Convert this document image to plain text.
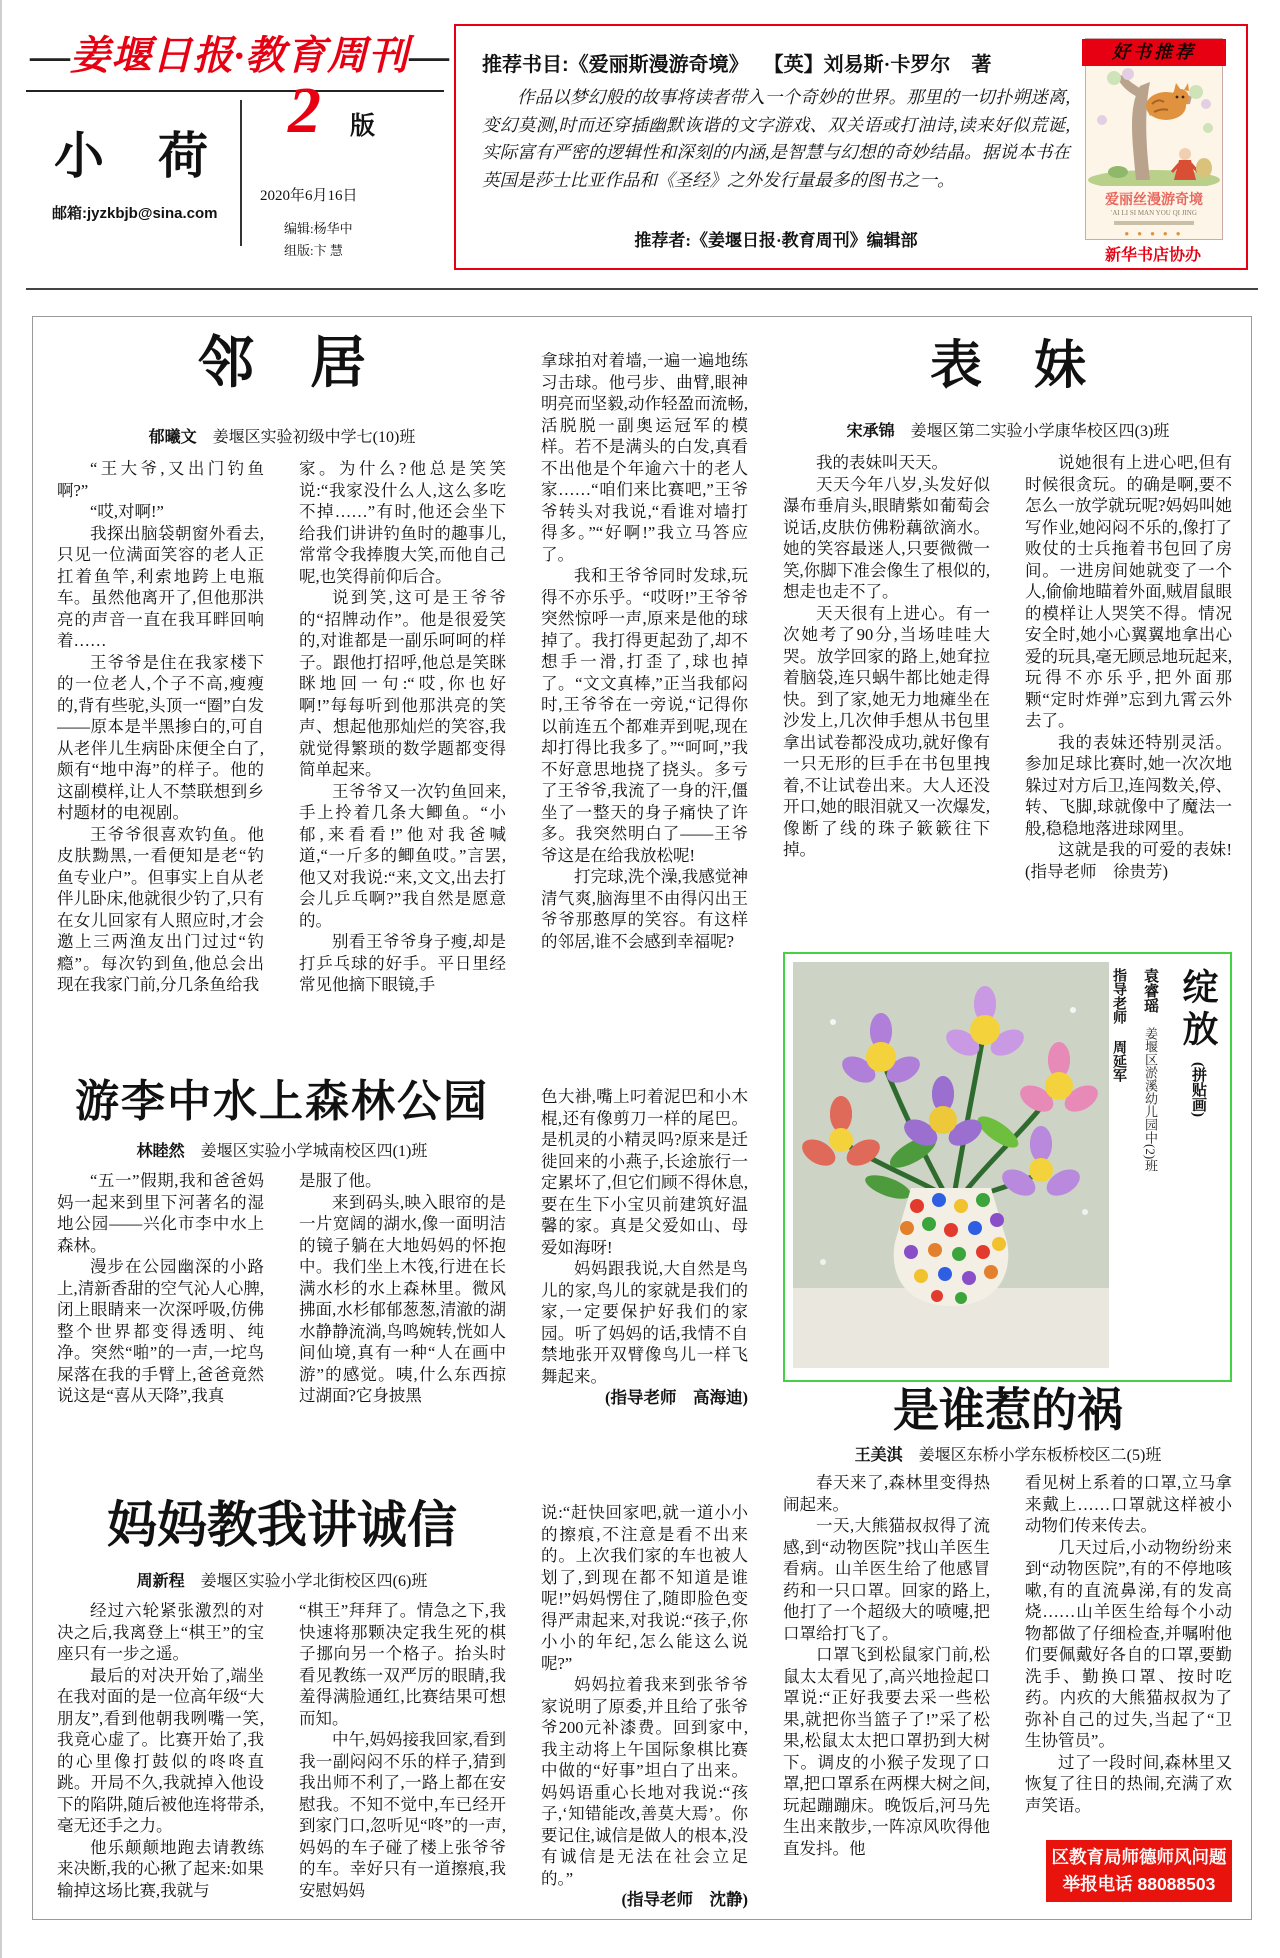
—姜堰日报·教育周刊—
小　荷
邮箱:jyzkbjb@sina.com
2 版
2020年6月16日
编辑:杨华中
组版:卞 慧
推荐书目:《爱丽斯漫游奇境》 【英】刘易斯·卡罗尔 著
作品以梦幻般的故事将读者带入一个奇妙的世界。那里的一切扑朔迷离,变幻莫测,时而还穿插幽默诙谐的文字游戏、双关语或打油诗,读来好似荒诞,实际富有严密的逻辑性和深刻的内涵,是智慧与幻想的奇妙结晶。据说本书在英国是莎士比亚作品和《圣经》之外发行量最多的图书之一。
推荐者:《姜堰日报·教育周刊》编辑部
好书推荐
爱丽丝漫游奇境
'AI LI SI MAN YOU QI JING
● ● ● ● ●
新华书店协办
邻　居
郁曦文 姜堰区实验初级中学七(10)班

“王大爷,又出门钓鱼啊?”

“哎,对啊!”

我探出脑袋朝窗外看去,只见一位满面笑容的老人正扛着鱼竿,利索地跨上电瓶车。虽然他离开了,但他那洪亮的声音一直在我耳畔回响着……

王爷爷是住在我家楼下的一位老人,个子不高,瘦瘦的,背有些驼,头顶一“圈”白发——原本是半黑掺白的,可自从老伴儿生病卧床便全白了,颇有“地中海”的样子。他的这副模样,让人不禁联想到乡村题材的电视剧。

王爷爷很喜欢钓鱼。他皮肤黝黑,一看便知是老“钓鱼专业户”。但事实上自从老伴儿卧床,他就很少钓了,只有在女儿回家有人照应时,才会邀上三两渔友出门过过“钓瘾”。每次钓到鱼,他总会出现在我家门前,分几条鱼给我

家。为什么?他总是笑笑说:“我家没什么人,这么多吃不掉……”有时,他还会坐下给我们讲讲钓鱼时的趣事儿,常常令我捧腹大笑,而他自己呢,也笑得前仰后合。

说到笑,这可是王爷爷的“招牌动作”。他是很爱笑的,对谁都是一副乐呵呵的样子。跟他打招呼,他总是笑眯眯地回一句:“哎,你也好啊!”每每听到他那洪亮的笑声、想起他那灿烂的笑容,我就觉得繁琐的数学题都变得简单起来。

王爷爷又一次钓鱼回来,手上拎着几条大鲫鱼。“小郁,来看看!”他对我爸喊道,“一斤多的鲫鱼哎。”言罢,他又对我说:“来,文文,出去打会儿乒乓啊?”我自然是愿意的。

别看王爷爷身子瘦,却是打乒乓球的好手。平日里经常见他摘下眼镜,手

拿球拍对着墙,一遍一遍地练习击球。他弓步、曲臂,眼神明亮而坚毅,动作轻盈而流畅,活脱脱一副奥运冠军的模样。若不是满头的白发,真看不出他是个年逾六十的老人家……“咱们来比赛吧,”王爷爷转头对我说,“看谁对墙打得多。”“好啊!”我立马答应了。

我和王爷爷同时发球,玩得不亦乐乎。“哎呀!”王爷爷突然惊呼一声,原来是他的球掉了。我打得更起劲了,却不想手一滑,打歪了,球也掉了。“文文真棒,”正当我郁闷时,王爷爷在一旁说,“记得你以前连五个都难弄到呢,现在却打得比我多了。”“呵呵,”我不好意思地挠了挠头。多亏了王爷爷,我流了一身的汗,僵坐了一整天的身子痛快了许多。我突然明白了——王爷爷这是在给我放松呢!

打完球,洗个澡,我感觉神清气爽,脑海里不由得闪出王爷爷那憨厚的笑容。有这样的邻居,谁不会感到幸福呢?

表　妹
宋承锦 姜堰区第二实验小学康华校区四(3)班

我的表妹叫天天。

天天今年八岁,头发好似瀑布垂肩头,眼睛紫如葡萄会说话,皮肤仿佛粉藕欲滴水。她的笑容最迷人,只要微微一笑,你脚下准会像生了根似的,想走也走不了。

天天很有上进心。有一次她考了90分,当场哇哇大哭。放学回家的路上,她耷拉着脑袋,连只蜗牛都比她走得快。到了家,她无力地瘫坐在沙发上,几次伸手想从书包里拿出试卷都没成功,就好像有一只无形的巨手在书包里拽着,不让试卷出来。大人还没开口,她的眼泪就又一次爆发,像断了线的珠子簌簌往下掉。

说她很有上进心吧,但有时候很贪玩。的确是啊,要不怎么一放学就玩呢?妈妈叫她写作业,她闷闷不乐的,像打了败仗的士兵拖着书包回了房间。一进房间她就变了一个人,偷偷地瞄着外面,贼眉鼠眼的模样让人哭笑不得。情况安全时,她小心翼翼地拿出心爱的玩具,毫无顾忌地玩起来,玩得不亦乐乎,把外面那颗“定时炸弹”忘到九霄云外去了。

我的表妹还特别灵活。参加足球比赛时,她一次次地躲过对方后卫,连闯数关,停、转、飞脚,球就像中了魔法一般,稳稳地落进球网里。

这就是我的可爱的表妹!(指导老师　徐贵芳)

绽放(拼贴画)
袁睿瑶姜堰区淤溪幼儿园中(2)班
指导老师周延军
是谁惹的祸
王美淇 姜堰区东桥小学东板桥校区二(5)班

春天来了,森林里变得热闹起来。

一天,大熊猫叔叔得了流感,到“动物医院”找山羊医生看病。山羊医生给了他感冒药和一只口罩。回家的路上,他打了一个超级大的喷嚏,把口罩给打飞了。

口罩飞到松鼠家门前,松鼠太太看见了,高兴地捡起口罩说:“正好我要去采一些松果,就把你当篮子了!”采了松果,松鼠太太把口罩扔到大树下。调皮的小猴子发现了口罩,把口罩系在两棵大树之间,玩起蹦蹦床。晚饭后,河马先生出来散步,一阵凉风吹得他直发抖。他

看见树上系着的口罩,立马拿来戴上……口罩就这样被小动物们传来传去。

几天过后,小动物纷纷来到“动物医院”,有的不停地咳嗽,有的直流鼻涕,有的发高烧……山羊医生给每个小动物都做了仔细检查,并嘱咐他们要佩戴好各自的口罩,要勤洗手、勤换口罩、按时吃药。内疚的大熊猫叔叔为了弥补自己的过失,当起了“卫生协管员”。

过了一段时间,森林里又恢复了往日的热闹,充满了欢声笑语。

区教育局师德师风问题
举报电话 88088503
游李中水上森林公园
林睦然 姜堰区实验小学城南校区四(1)班

“五一”假期,我和爸爸妈妈一起来到里下河著名的湿地公园——兴化市李中水上森林。

漫步在公园幽深的小路上,清新香甜的空气沁人心脾,闭上眼睛来一次深呼吸,仿佛整个世界都变得透明、纯净。突然“啪”的一声,一坨鸟屎落在我的手臂上,爸爸竟然说这是“喜从天降”,我真

是服了他。

来到码头,映入眼帘的是一片宽阔的湖水,像一面明洁的镜子躺在大地妈妈的怀抱中。我们坐上木筏,行进在长满水杉的水上森林里。微风拂面,水杉郁郁葱葱,清澈的湖水静静流淌,鸟鸣婉转,恍如人间仙境,真有一种“人在画中游”的感觉。咦,什么东西掠过湖面?它身披黑

色大褂,嘴上叼着泥巴和小木棍,还有像剪刀一样的尾巴。是机灵的小精灵吗?原来是迁徙回来的小燕子,长途旅行一定累坏了,但它们顾不得休息,要在生下小宝贝前建筑好温馨的家。真是父爱如山、母爱如海呀!

妈妈跟我说,大自然是鸟儿的家,鸟儿的家就是我们的家,一定要保护好我们的家园。听了妈妈的话,我情不自禁地张开双臂像鸟儿一样飞舞起来。

(指导老师　高海迪)

妈妈教我讲诚信
周新程 姜堰区实验小学北街校区四(6)班

经过六轮紧张激烈的对决之后,我离登上“棋王”的宝座只有一步之遥。

最后的对决开始了,端坐在我对面的是一位高年级“大朋友”,看到他朝我咧嘴一笑,我竟心虚了。比赛开始了,我的心里像打鼓似的咚咚直跳。开局不久,我就掉入他设下的陷阱,随后被他连将带杀,毫无还手之力。

他乐颠颠地跑去请教练来决断,我的心揪了起来:如果输掉这场比赛,我就与

“棋王”拜拜了。情急之下,我快速将那颗决定我生死的棋子挪向另一个格子。抬头时看见教练一双严厉的眼睛,我羞得满脸通红,比赛结果可想而知。

中午,妈妈接我回家,看到我一副闷闷不乐的样子,猜到我出师不利了,一路上都在安慰我。不知不觉中,车已经开到家门口,忽听见“咚”的一声,妈妈的车子碰了楼上张爷爷的车。幸好只有一道擦痕,我安慰妈妈

说:“赶快回家吧,就一道小小的擦痕,不注意是看不出来的。上次我们家的车也被人划了,到现在都不知道是谁呢!”妈妈愣住了,随即脸色变得严肃起来,对我说:“孩子,你小小的年纪,怎么能这么说呢?”

妈妈拉着我来到张爷爷家说明了原委,并且给了张爷爷200元补漆费。回到家中,我主动将上午国际象棋比赛中做的“好事”坦白了出来。妈妈语重心长地对我说:“孩子,‘知错能改,善莫大焉’。你要记住,诚信是做人的根本,没有诚信是无法在社会立足的。”

(指导老师　沈静)
